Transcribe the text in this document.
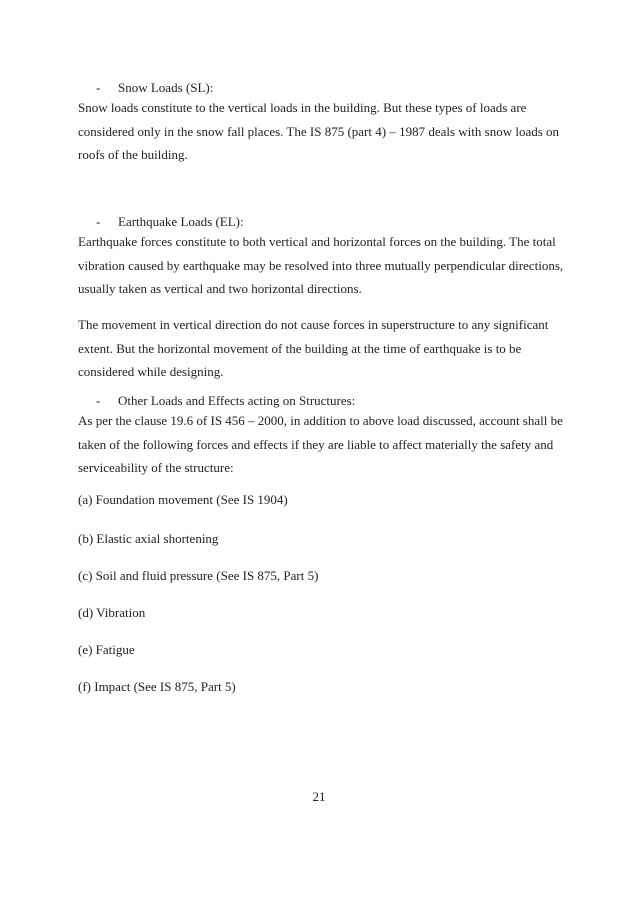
- Snow Loads (SL):
Snow loads constitute to the vertical loads in the building. But these types of loads are
considered only in the snow fall places. The IS 875 (part 4) – 1987 deals with snow loads on
roofs of the building.
- Earthquake Loads (EL):
Earthquake forces constitute to both vertical and horizontal forces on the building. The total
vibration caused by earthquake may be resolved into three mutually perpendicular directions,
usually taken as vertical and two horizontal directions.
The movement in vertical direction do not cause forces in superstructure to any significant
extent. But the horizontal movement of the building at the time of earthquake is to be
considered while designing.
- Other Loads and Effects acting on Structures:
As per the clause 19.6 of IS 456 – 2000, in addition to above load discussed, account shall be
taken of the following forces and effects if they are liable to affect materially the safety and
serviceability of the structure:
(a) Foundation movement (See IS 1904)
(b) Elastic axial shortening
(c) Soil and fluid pressure (See IS 875, Part 5)
(d) Vibration
(e) Fatigue
(f) Impact (See IS 875, Part 5)
21
